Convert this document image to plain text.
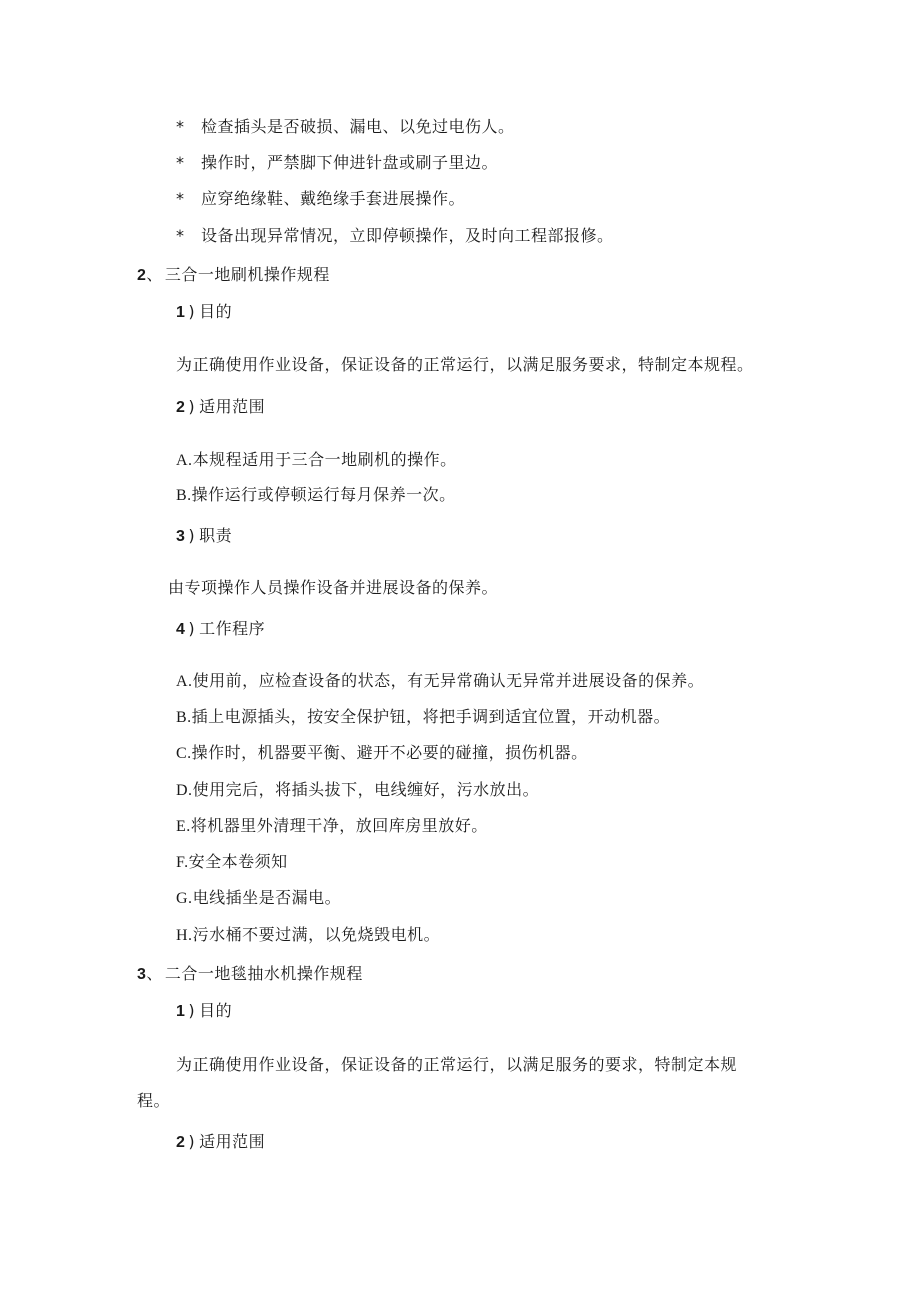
* 检查插头是否破损、漏电、以免过电伤人。
* 操作时，严禁脚下伸进针盘或刷子里边。
* 应穿绝缘鞋、戴绝缘手套进展操作。
* 设备出现异常情况，立即停顿操作，及时向工程部报修。
2、 三合一地刷机操作规程
1 ) 目的
为正确使用作业设备，保证设备的正常运行，以满足服务要求，特制定本规程。
2 ) 适用范围
A.本规程适用于三合一地刷机的操作。
B.操作运行或停顿运行每月保养一次。
3 ) 职责
由专项操作人员操作设备并进展设备的保养。
4 ) 工作程序
A.使用前，应检查设备的状态，有无异常确认无异常并进展设备的保养。
B.插上电源插头，按安全保护钮，将把手调到适宜位置，开动机器。
C.操作时，机器要平衡、避开不必要的碰撞，损伤机器。
D.使用完后，将插头拔下，电线缠好，污水放出。
E.将机器里外清理干净，放回库房里放好。
F.安全本卷须知
G.电线插坐是否漏电。
H.污水桶不要过满，以免烧毁电机。
3、 二合一地毯抽水机操作规程
1 ) 目的
为正确使用作业设备，保证设备的正常运行，以满足服务的要求，特制定本规
程。
2 ) 适用范围
